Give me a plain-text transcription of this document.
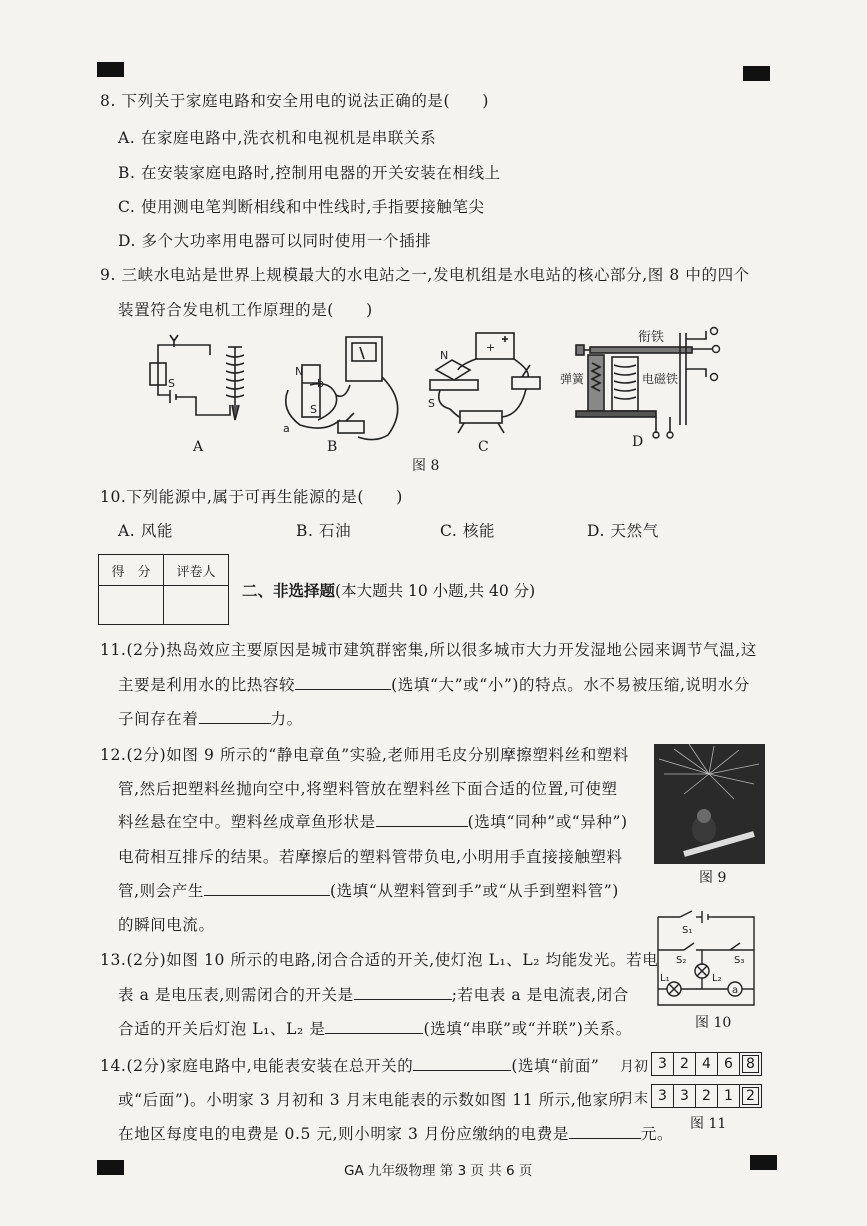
8. 下列关于家庭电路和安全用电的说法正确的是(　　)
A. 在家庭电路中,洗衣机和电视机是串联关系
B. 在安装家庭电路时,控制用电器的开关安装在相线上
C. 使用测电笔判断相线和中性线时,手指要接触笔尖
D. 多个大功率用电器可以同时使用一个插排
9. 三峡水电站是世界上规模最大的水电站之一,发电机组是水电站的核心部分,图 8 中的四个
装置符合发电机工作原理的是(　　)
S
N
S
a
b
N
S
+
衔铁
电磁铁
弹簧
A	B	C	D
图 8
10.下列能源中,属于可再生能源的是(　　)
A. 风能	B. 石油	C. 核能	D. 天然气
得　分	评卷人

二、非选择题(本大题共 10 小题,共 40 分)
11.(2分)热岛效应主要原因是城市建筑群密集,所以很多城市大力开发湿地公园来调节气温,这
主要是利用水的比热容较	(选填“大”或“小”)的特点。水不易被压缩,说明水分
子间存在着	力。
12.(2分)如图 9 所示的“静电章鱼”实验,老师用毛皮分别摩擦塑料丝和塑料
管,然后把塑料丝抛向空中,将塑料管放在塑料丝下面合适的位置,可使塑
料丝悬在空中。塑料丝成章鱼形状是	(选填“同种”或“异种”)
电荷相互排斥的结果。若摩擦后的塑料管带负电,小明用手直接接触塑料
管,则会产生	(选填“从塑料管到手”或“从手到塑料管”)
的瞬间电流。
图 9
S₁
S₂	S₃
L₁	L₂
a
图 10
13.(2分)如图 10 所示的电路,闭合合适的开关,使灯泡 L₁、L₂ 均能发光。若电
表 a 是电压表,则需闭合的开关是	;若电表 a 是电流表,闭合
合适的开关后灯泡 L₁、L₂ 是	(选填“串联”或“并联”)关系。
14.(2分)家庭电路中,电能表安装在总开关的	(选填“前面”
或“后面”)。小明家 3 月初和 3 月末电能表的示数如图 11 所示,他家所
在地区每度电的电费是 0.5 元,则小明家 3 月份应缴纳的电费是	元。
月初 3 2 4 6 8
月末 3 3 2 1 2
图 11
GA 九年级物理 第 3 页 共 6 页
